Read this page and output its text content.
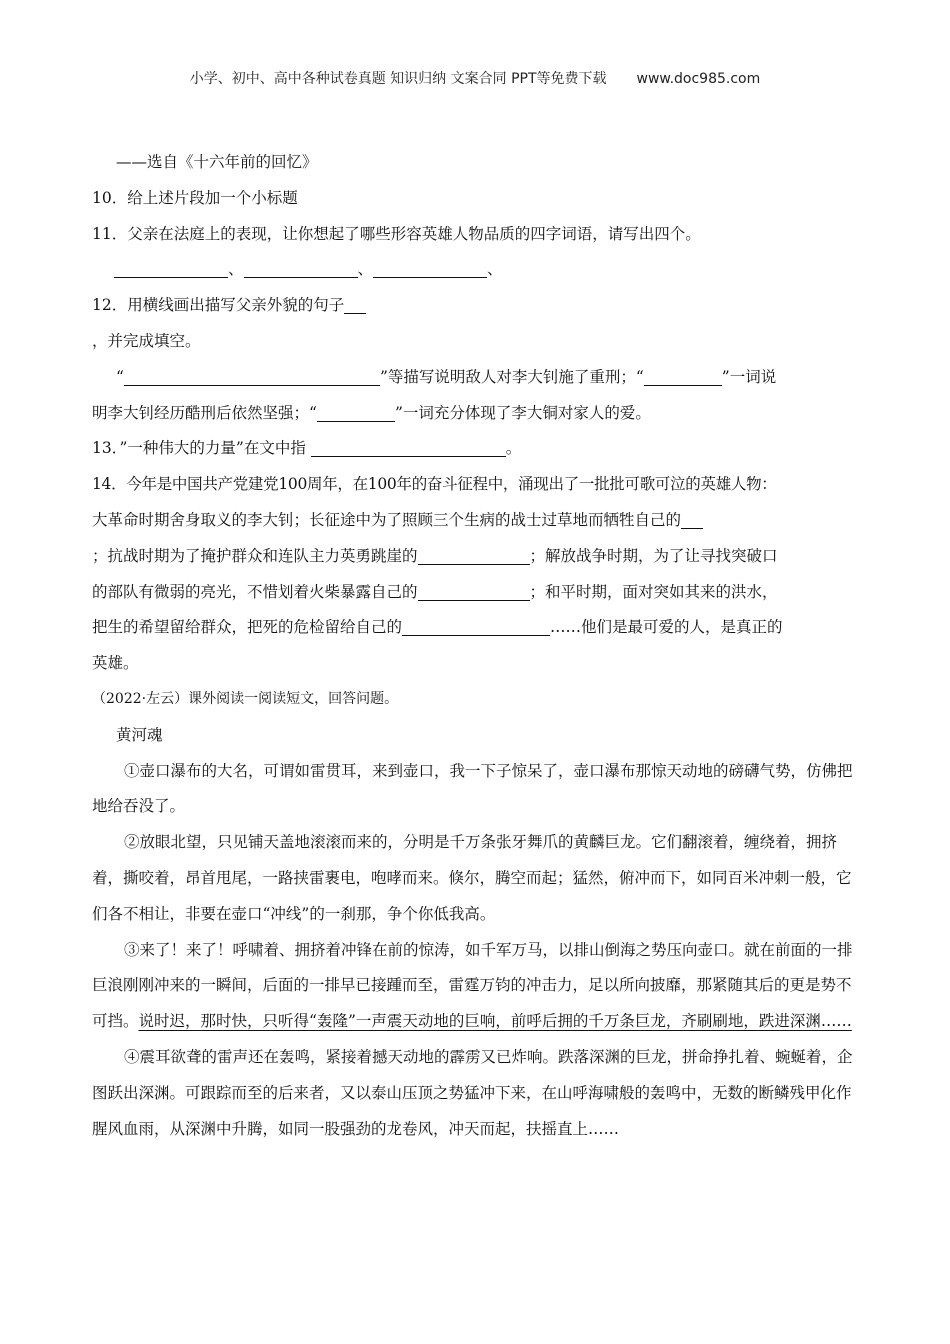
小学、初中、高中各种试卷真题 知识归纳 文案合同 PPT等免费下载 www.doc985.com

——选自《十六年前的回忆》

10．给上述片段加一个小标题

11．父亲在法庭上的表现，让你想起了哪些形容英雄人物品质的四字词语，请写出四个。

、	、	、

12．用横线画出描写父亲外貌的句子

，并完成填空。

“	”等描写说明敌人对李大钊施了重刑；“	”一词说

明李大钊经历酷刑后依然坚强；“	”一词充分体现了李大铜对家人的爱。

13．”一种伟大的力量”在文中指	。

14．今年是中国共产党建党100周年，在100年的奋斗征程中，涌现出了一批批可歌可泣的英雄人物：

大革命时期舍身取义的李大钊；长征途中为了照顾三个生病的战士过草地而牺牲自己的

；抗战时期为了掩护群众和连队主力英勇跳崖的	；解放战争时期，为了让寻找突破口

的部队有微弱的亮光，不惜划着火柴暴露自己的	；和平时期，面对突如其来的洪水，

把生的希望留给群众，把死的危检留给自己的	……他们是最可爱的人，是真正的

英雄。

（2022·左云）课外阅读一阅读短文，回答问题。

黄河魂

①壶口瀑布的大名，可谓如雷贯耳，来到壶口，我一下子惊呆了，壶口瀑布那惊天动地的磅礴气势，仿佛把地给吞没了。

②放眼北望，只见铺天盖地滚滚而来的，分明是千万条张牙舞爪的黄麟巨龙。它们翻滚着，缠绕着，拥挤着，撕咬着，昂首甩尾，一路挟雷裹电，咆哮而来。倏尔，腾空而起；猛然，俯冲而下，如同百米冲刺一般，它们各不相让，非要在壶口“冲线”的一刹那，争个你低我高。

③来了！来了！呼啸着、拥挤着冲锋在前的惊涛，如千军万马，以排山倒海之势压向壶口。就在前面的一排巨浪刚刚冲来的一瞬间，后面的一排早已接踵而至，雷霆万钧的冲击力，足以所向披靡，那紧随其后的更是势不可挡。说时迟，那时快，只听得“轰隆”一声震天动地的巨响，前呼后拥的千万条巨龙，齐刷刷地，跌进深渊……

④震耳欲聋的雷声还在轰鸣，紧接着撼天动地的霹雳又已炸响。跌落深渊的巨龙，拼命挣扎着、蜿蜒着，企图跃出深渊。可跟踪而至的后来者，又以泰山压顶之势猛冲下来，在山呼海啸般的轰鸣中，无数的断鳞残甲化作腥风血雨，从深渊中升腾，如同一股强劲的龙卷风，冲天而起，扶摇直上……
